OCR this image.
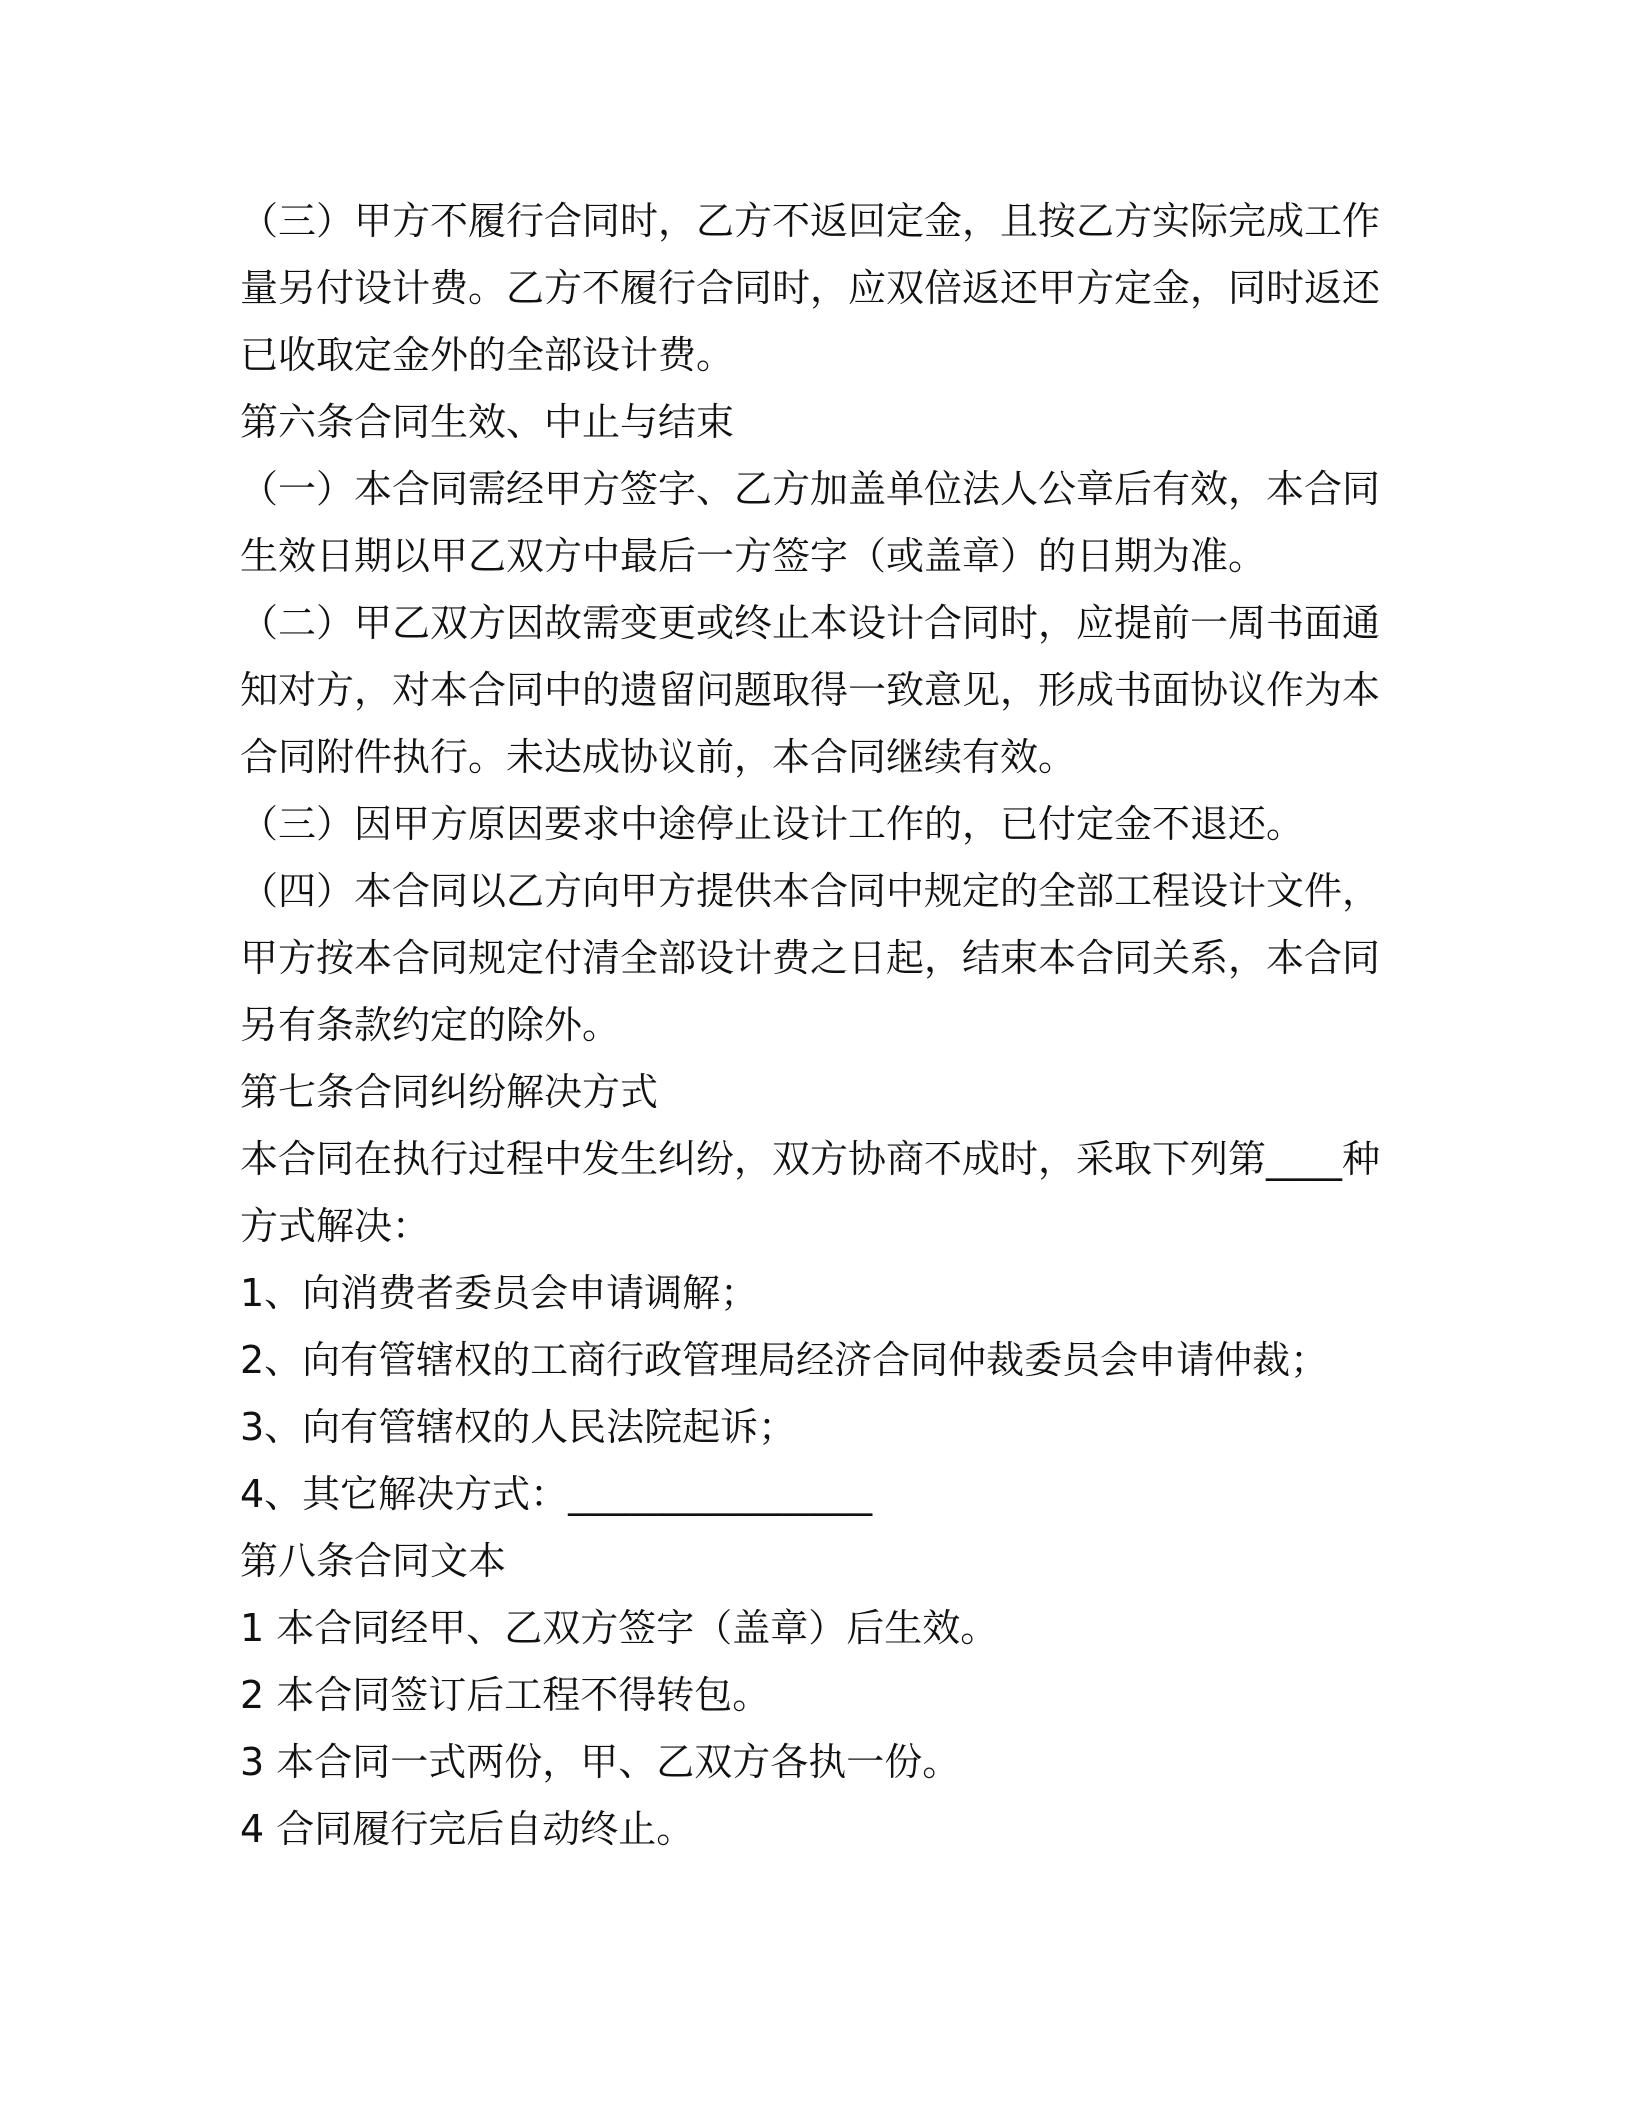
（三）甲方不履行合同时，乙方不返回定金，且按乙方实际完成工作
量另付设计费。乙方不履行合同时，应双倍返还甲方定金，同时返还
已收取定金外的全部设计费。
第六条合同生效、中止与结束
（一）本合同需经甲方签字、乙方加盖单位法人公章后有效，本合同
生效日期以甲乙双方中最后一方签字（或盖章）的日期为准。
（二）甲乙双方因故需变更或终止本设计合同时，应提前一周书面通
知对方，对本合同中的遗留问题取得一致意见，形成书面协议作为本
合同附件执行。未达成协议前，本合同继续有效。
（三）因甲方原因要求中途停止设计工作的，已付定金不退还。
（四）本合同以乙方向甲方提供本合同中规定的全部工程设计文件，
甲方按本合同规定付清全部设计费之日起，结束本合同关系，本合同
另有条款约定的除外。
第七条合同纠纷解决方式
本合同在执行过程中发生纠纷，双方协商不成时，采取下列第____种
方式解决：
1、向消费者委员会申请调解；
2、向有管辖权的工商行政管理局经济合同仲裁委员会申请仲裁；
3、向有管辖权的人民法院起诉；
4、其它解决方式：________________
第八条合同文本
1 本合同经甲、乙双方签字（盖章）后生效。
2 本合同签订后工程不得转包。
3 本合同一式两份，甲、乙双方各执一份。
4 合同履行完后自动终止。
